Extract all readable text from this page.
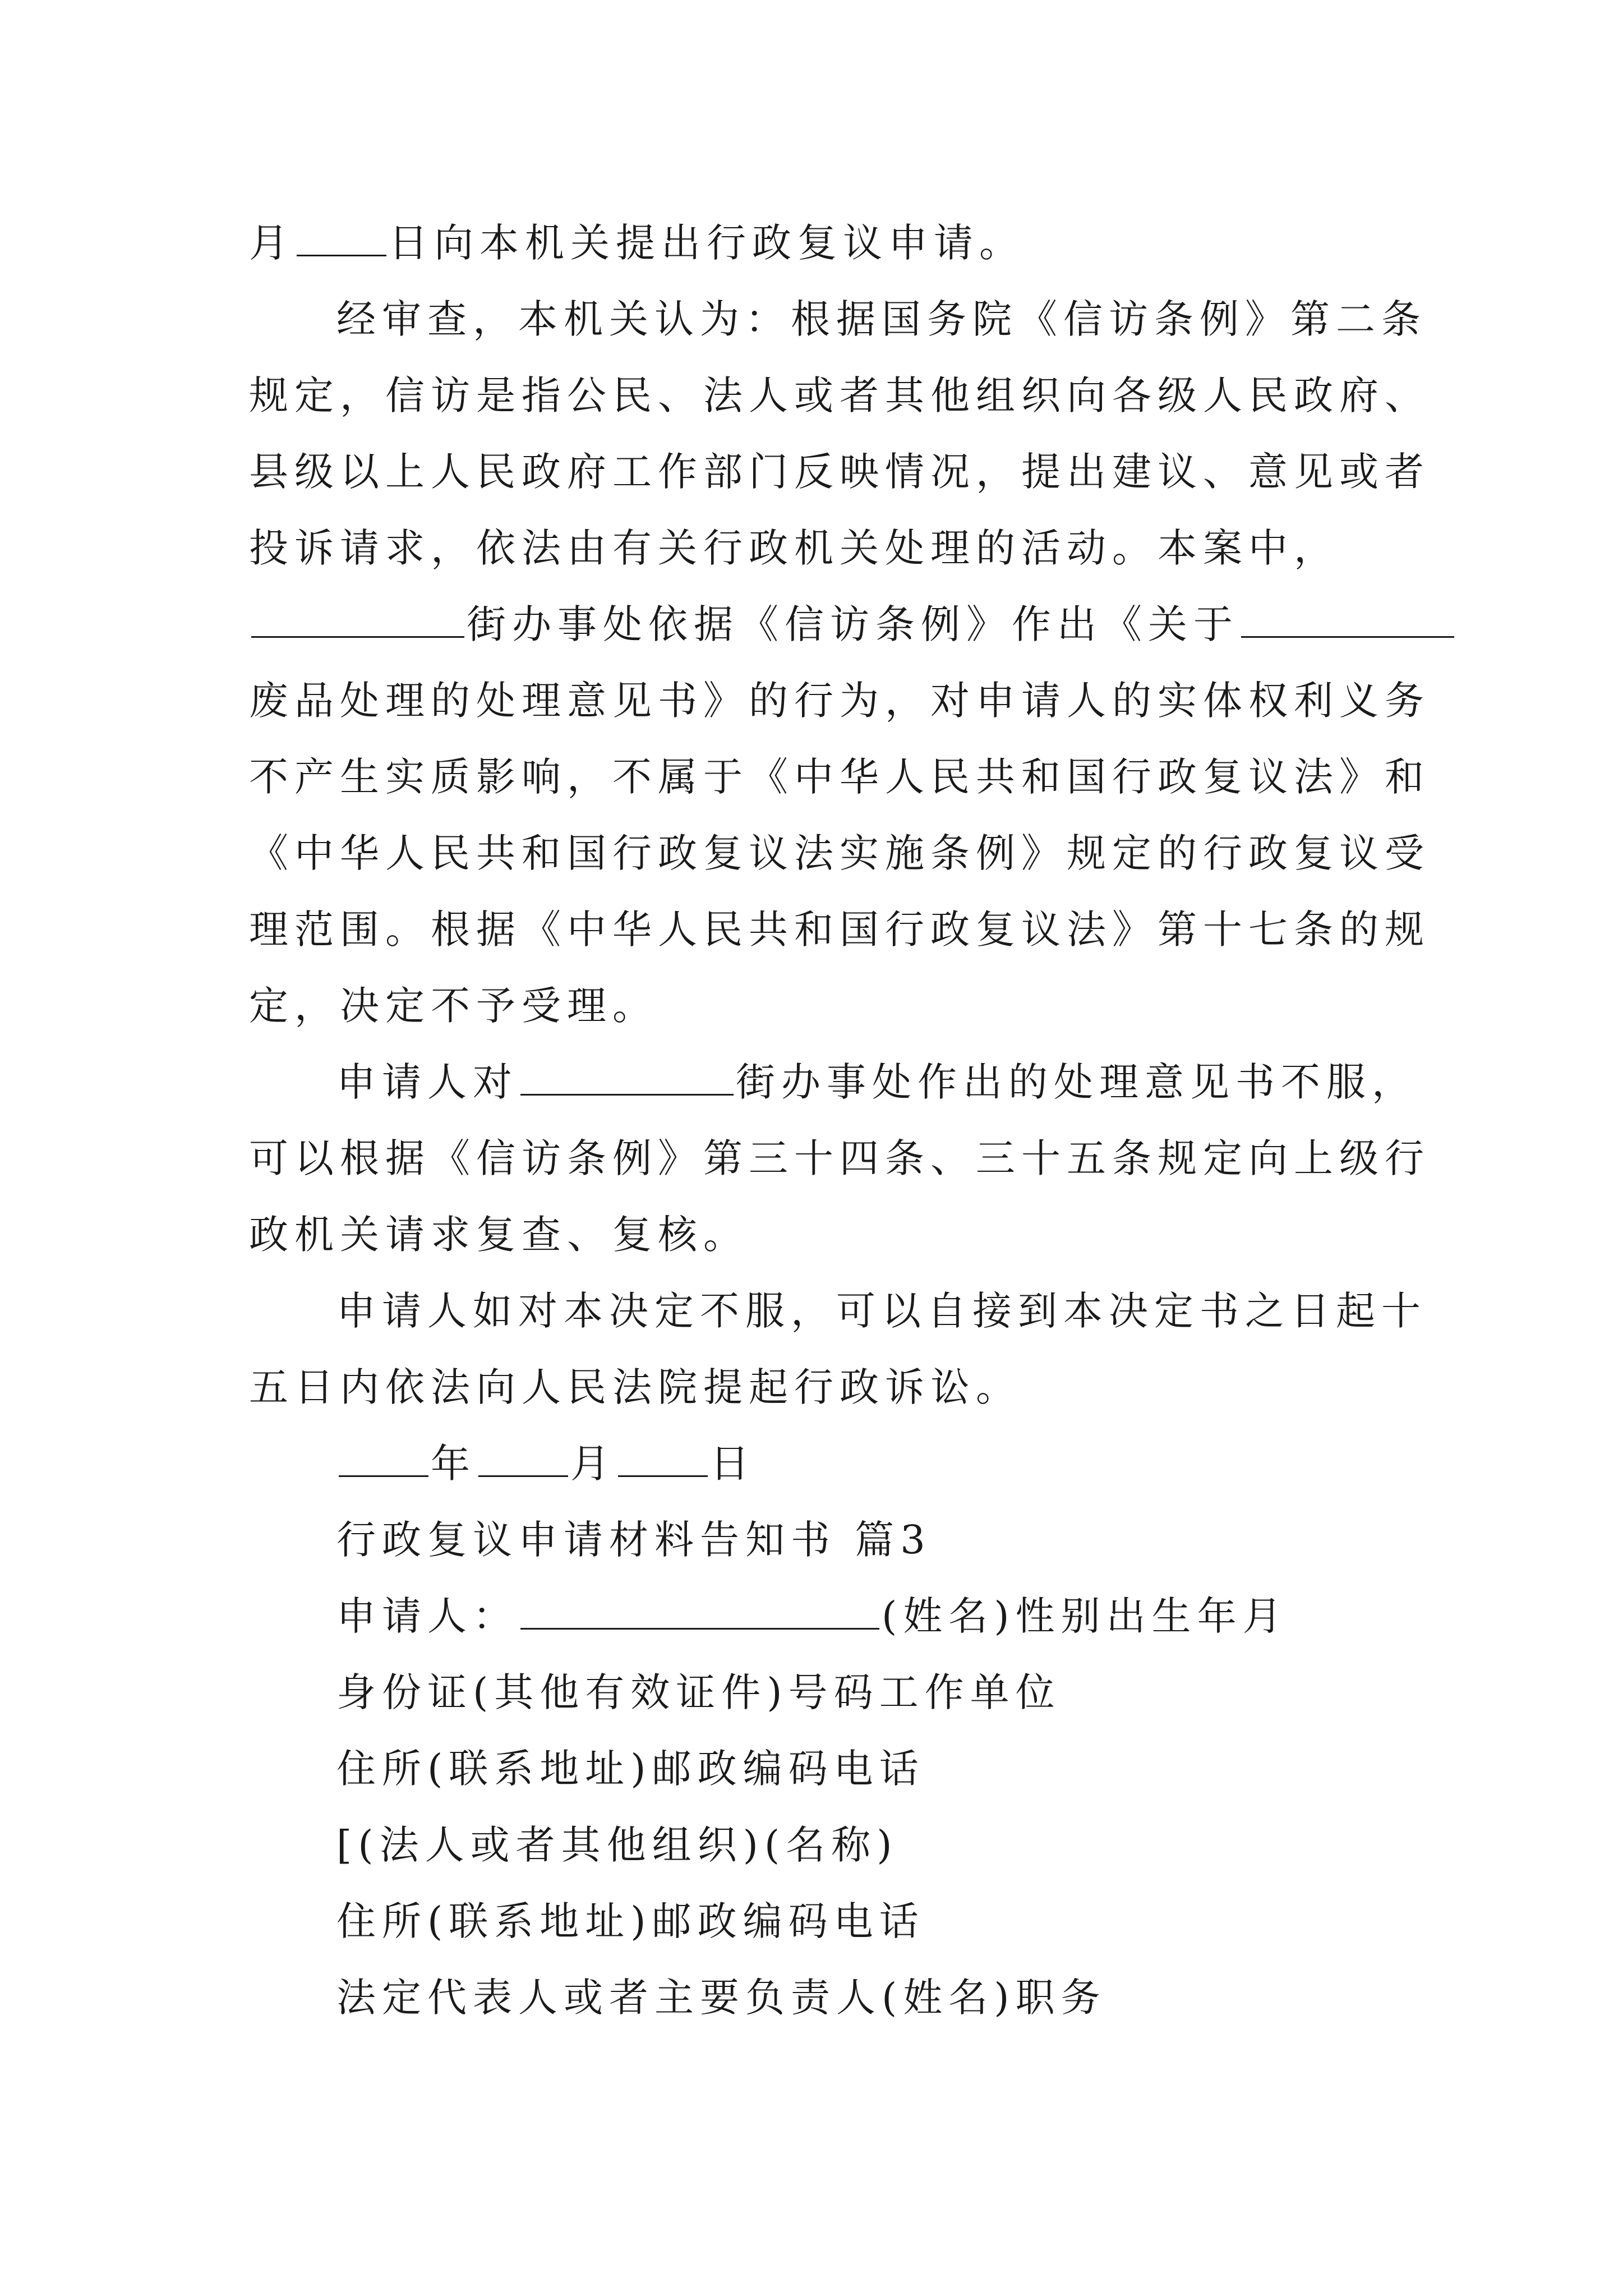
月 日向本机关提出行政复议申请。
经审查，本机关认为：根据国务院《信访条例》第二条
规定，信访是指公民、法人或者其他组织向各级人民政府、
县级以上人民政府工作部门反映情况，提出建议、意见或者
投诉请求，依法由有关行政机关处理的活动。本案中，
街办事处依据《信访条例》作出《关于
废品处理的处理意见书》的行为，对申请人的实体权利义务
不产生实质影响，不属于《中华人民共和国行政复议法》和
《中华人民共和国行政复议法实施条例》规定的行政复议受
理范围。根据《中华人民共和国行政复议法》第十七条的规
定，决定不予受理。
申请人对	街办事处作出的处理意见书不服，
可以根据《信访条例》第三十四条、三十五条规定向上级行
政机关请求复查、复核。
申请人如对本决定不服，可以自接到本决定书之日起十
五日内依法向人民法院提起行政诉讼。
年 月 日
行政复议申请材料告知书 篇3
申请人：	(姓名)性别出生年月
身份证(其他有效证件)号码工作单位
住所(联系地址)邮政编码电话
[(法人或者其他组织)(名称)
住所(联系地址)邮政编码电话
法定代表人或者主要负责人(姓名)职务
